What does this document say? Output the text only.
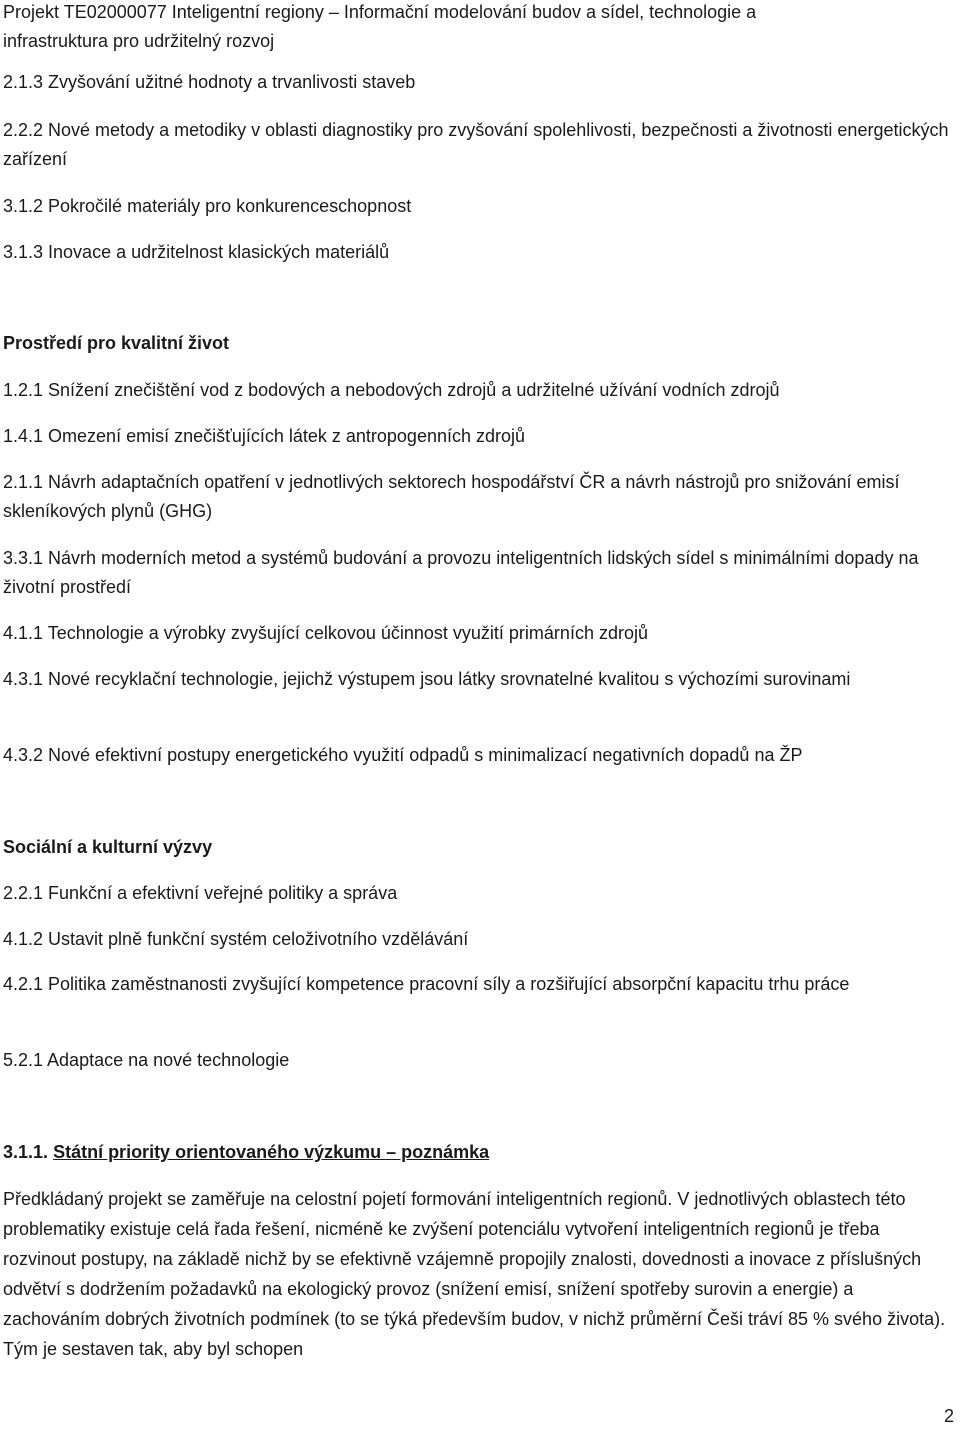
Projekt TE02000077 Inteligentní regiony – Informační modelování budov a sídel, technologie a

infrastruktura pro udržitelný rozvoj

2.1.3 Zvyšování užitné hodnoty a trvanlivosti staveb

2.2.2 Nové metody a metodiky v oblasti diagnostiky pro zvyšování spolehlivosti, bezpečnosti a životnosti energetických zařízení

3.1.2 Pokročilé materiály pro konkurenceschopnost

3.1.3 Inovace a udržitelnost klasických materiálů

Prostředí pro kvalitní život

1.2.1 Snížení znečištění vod z bodových a nebodových zdrojů a udržitelné užívání vodních zdrojů

1.4.1 Omezení emisí znečišťujících látek z antropogenních zdrojů

2.1.1 Návrh adaptačních opatření v jednotlivých sektorech hospodářství ČR a návrh nástrojů pro snižování emisí skleníkových plynů (GHG)

3.3.1 Návrh moderních metod a systémů budování a provozu inteligentních lidských sídel s minimálními dopady na životní prostředí

4.1.1 Technologie a výrobky zvyšující celkovou účinnost využití primárních zdrojů

4.3.1 Nové recyklační technologie, jejichž výstupem jsou látky srovnatelné kvalitou s výchozími surovinami

4.3.2 Nové efektivní postupy energetického využití odpadů s minimalizací negativních dopadů na ŽP

Sociální a kulturní výzvy

2.2.1 Funkční a efektivní veřejné politiky a správa

4.1.2 Ustavit plně funkční systém celoživotního vzdělávání

4.2.1 Politika zaměstnanosti zvyšující kompetence pracovní síly a rozšiřující absorpční kapacitu trhu práce

5.2.1 Adaptace na nové technologie

3.1.1. Státní priority orientovaného výzkumu – poznámka

Předkládaný projekt se zaměřuje na celostní pojetí formování inteligentních regionů. V jednotlivých oblastech této problematiky existuje celá řada řešení, nicméně ke zvýšení potenciálu vytvoření inteligentních regionů je třeba rozvinout postupy, na základě nichž by se efektivně vzájemně propojily znalosti, dovednosti a inovace z příslušných odvětví s dodržením požadavků na ekologický provoz (snížení emisí, snížení spotřeby surovin a energie) a zachováním dobrých životních podmínek (to se týká především budov, v nichž průměrní Češi tráví 85 % svého života). Tým je sestaven tak, aby byl schopen

2
